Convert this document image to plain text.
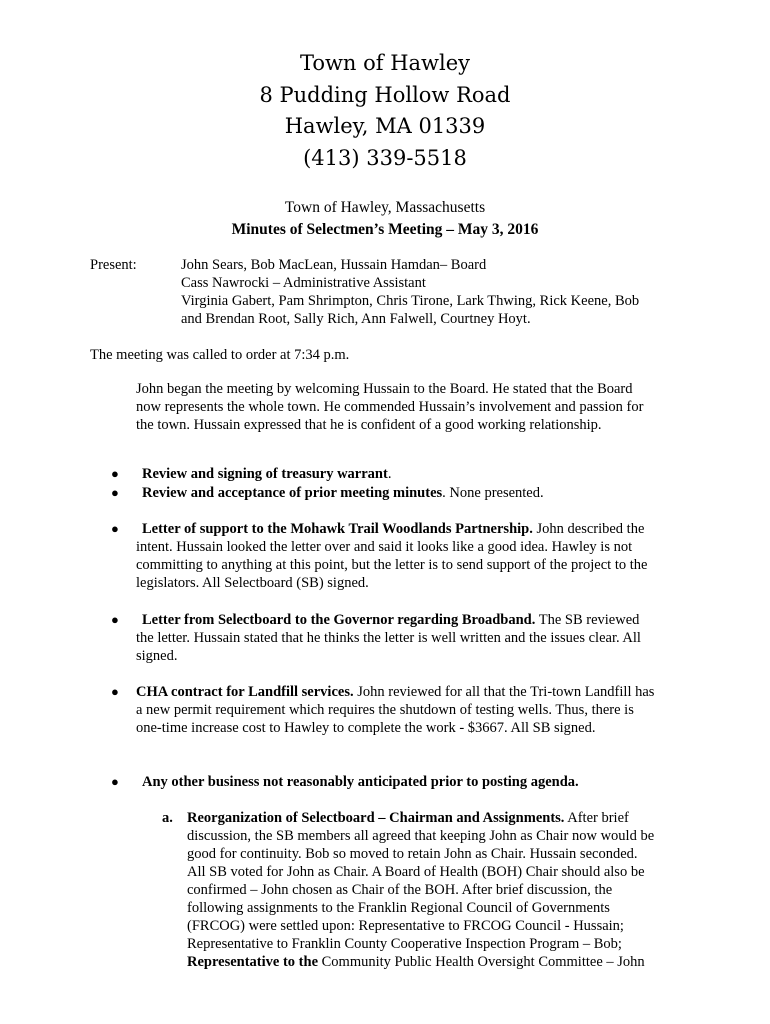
Town of Hawley
8 Pudding Hollow Road
Hawley, MA 01339
(413) 339-5518
Town of Hawley, Massachusetts
Minutes of Selectmen’s Meeting – May 3, 2016
Present:	John Sears, Bob MacLean, Hussain Hamdan– Board
Cass Nawrocki – Administrative Assistant
Virginia Gabert, Pam Shrimpton, Chris Tirone, Lark Thwing, Rick Keene, Bob
and Brendan Root, Sally Rich, Ann Falwell, Courtney Hoyt.
The meeting was called to order at 7:34 p.m.
John began the meeting by welcoming Hussain to the Board. He stated that the Board
now represents the whole town. He commended Hussain’s involvement and passion for
the town. Hussain expressed that he is confident of a good working relationship.
●	Review and signing of treasury warrant.
●	Review and acceptance of prior meeting minutes. None presented.
●	Letter of support to the Mohawk Trail Woodlands Partnership. John described the
intent. Hussain looked the letter over and said it looks like a good idea. Hawley is not
committing to anything at this point, but the letter is to send support of the project to the
legislators. All Selectboard (SB) signed.
●	Letter from Selectboard to the Governor regarding Broadband. The SB reviewed
the letter. Hussain stated that he thinks the letter is well written and the issues clear. All
signed.
● CHA contract for Landfill services. John reviewed for all that the Tri-town Landfill has
a new permit requirement which requires the shutdown of testing wells. Thus, there is
one-time increase cost to Hawley to complete the work - $3667. All SB signed.
●	Any other business not reasonably anticipated prior to posting agenda.
a. Reorganization of Selectboard – Chairman and Assignments. After brief
discussion, the SB members all agreed that keeping John as Chair now would be
good for continuity. Bob so moved to retain John as Chair. Hussain seconded.
All SB voted for John as Chair. A Board of Health (BOH) Chair should also be
confirmed – John chosen as Chair of the BOH. After brief discussion, the
following assignments to the Franklin Regional Council of Governments
(FRCOG) were settled upon: Representative to FRCOG Council - Hussain;
Representative to Franklin County Cooperative Inspection Program – Bob;
Representative to the Community Public Health Oversight Committee – John
